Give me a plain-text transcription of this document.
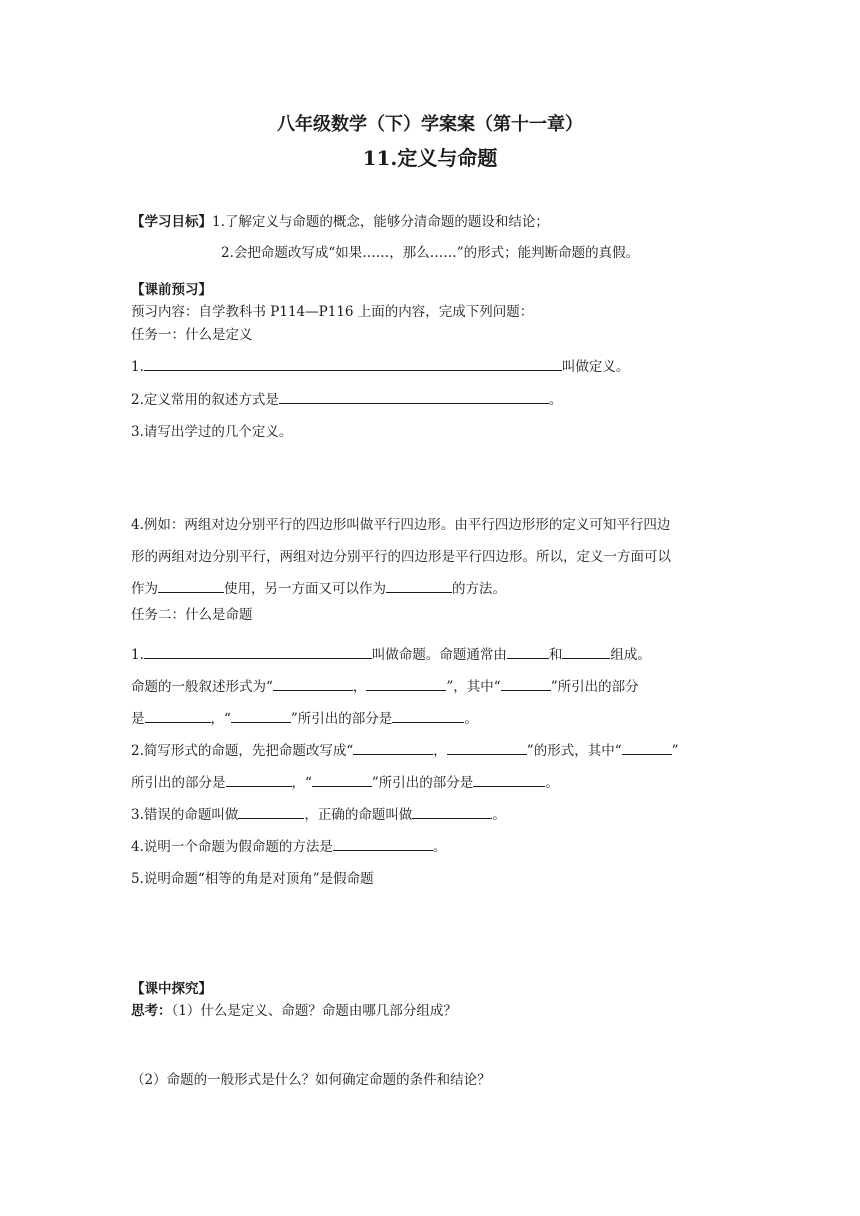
八年级数学（下）学案案（第十一章）
11.定义与命题
【学习目标】1.了解定义与命题的概念，能够分清命题的题设和结论；
2.会把命题改写成“如果……，那么……”的形式；能判断命题的真假。
【课前预习】
预习内容：自学教科书 P114—P116 上面的内容，完成下列问题：
任务一：什么是定义
1.	叫做定义。
2.定义常用的叙述方式是	。
3.请写出学过的几个定义。
4.例如：两组对边分别平行的四边形叫做平行四边形。由平行四边形形的定义可知平行四边
形的两组对边分别平行，两组对边分别平行的四边形是平行四边形。所以，定义一方面可以
作为	使用，另一方面又可以作为	的方法。
任务二：什么是命题
1.	叫做命题。命题通常由	和	组成。
命题的一般叙述形式为“	，	”，其中“	”所引出的部分
是	，“	”所引出的部分是	。
2.简写形式的命题，先把命题改写成“	，	”的形式，其中“	”
所引出的部分是	，“	”所引出的部分是	。
3.错误的命题叫做	，正确的命题叫做	。
4.说明一个命题为假命题的方法是	。
5.说明命题“相等的角是对顶角”是假命题
【课中探究】
思考：（1）什么是定义、命题？命题由哪几部分组成？
（2）命题的一般形式是什么？如何确定命题的条件和结论？
